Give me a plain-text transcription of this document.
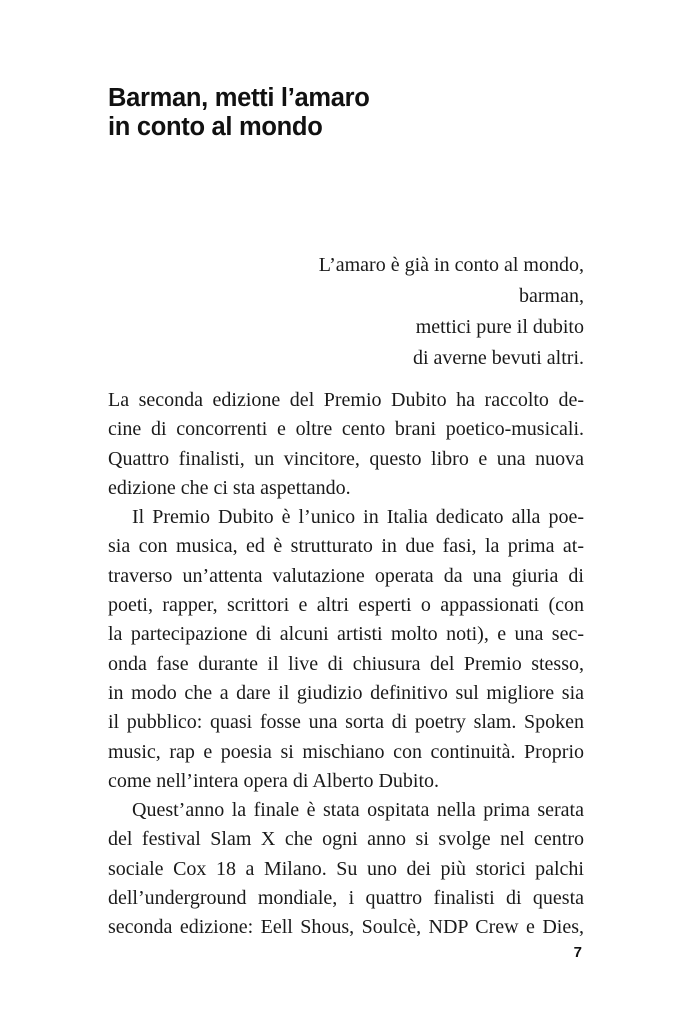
Barman, metti l’amaro
in conto al mondo
L’amaro è già in conto al mondo,
barman,
mettici pure il dubito
di averne bevuti altri.
La seconda edizione del Premio Dubito ha raccolto de-
cine di concorrenti e oltre cento brani poetico-musicali.
Quattro finalisti, un vincitore, questo libro e una nuova
edizione che ci sta aspettando.
Il Premio Dubito è l’unico in Italia dedicato alla poe-
sia con musica, ed è strutturato in due fasi, la prima at-
traverso un’attenta valutazione operata da una giuria di
poeti, rapper, scrittori e altri esperti o appassionati (con
la partecipazione di alcuni artisti molto noti), e una sec-
onda fase durante il live di chiusura del Premio stesso,
in modo che a dare il giudizio definitivo sul migliore sia
il pubblico: quasi fosse una sorta di poetry slam. Spoken
music, rap e poesia si mischiano con continuità. Proprio
come nell’intera opera di Alberto Dubito.
Quest’anno la finale è stata ospitata nella prima serata
del festival Slam X che ogni anno si svolge nel centro
sociale Cox 18 a Milano. Su uno dei più storici palchi
dell’underground mondiale, i quattro finalisti di questa
seconda edizione: Eell Shous, Soulcè, NDP Crew e Dies,
7
